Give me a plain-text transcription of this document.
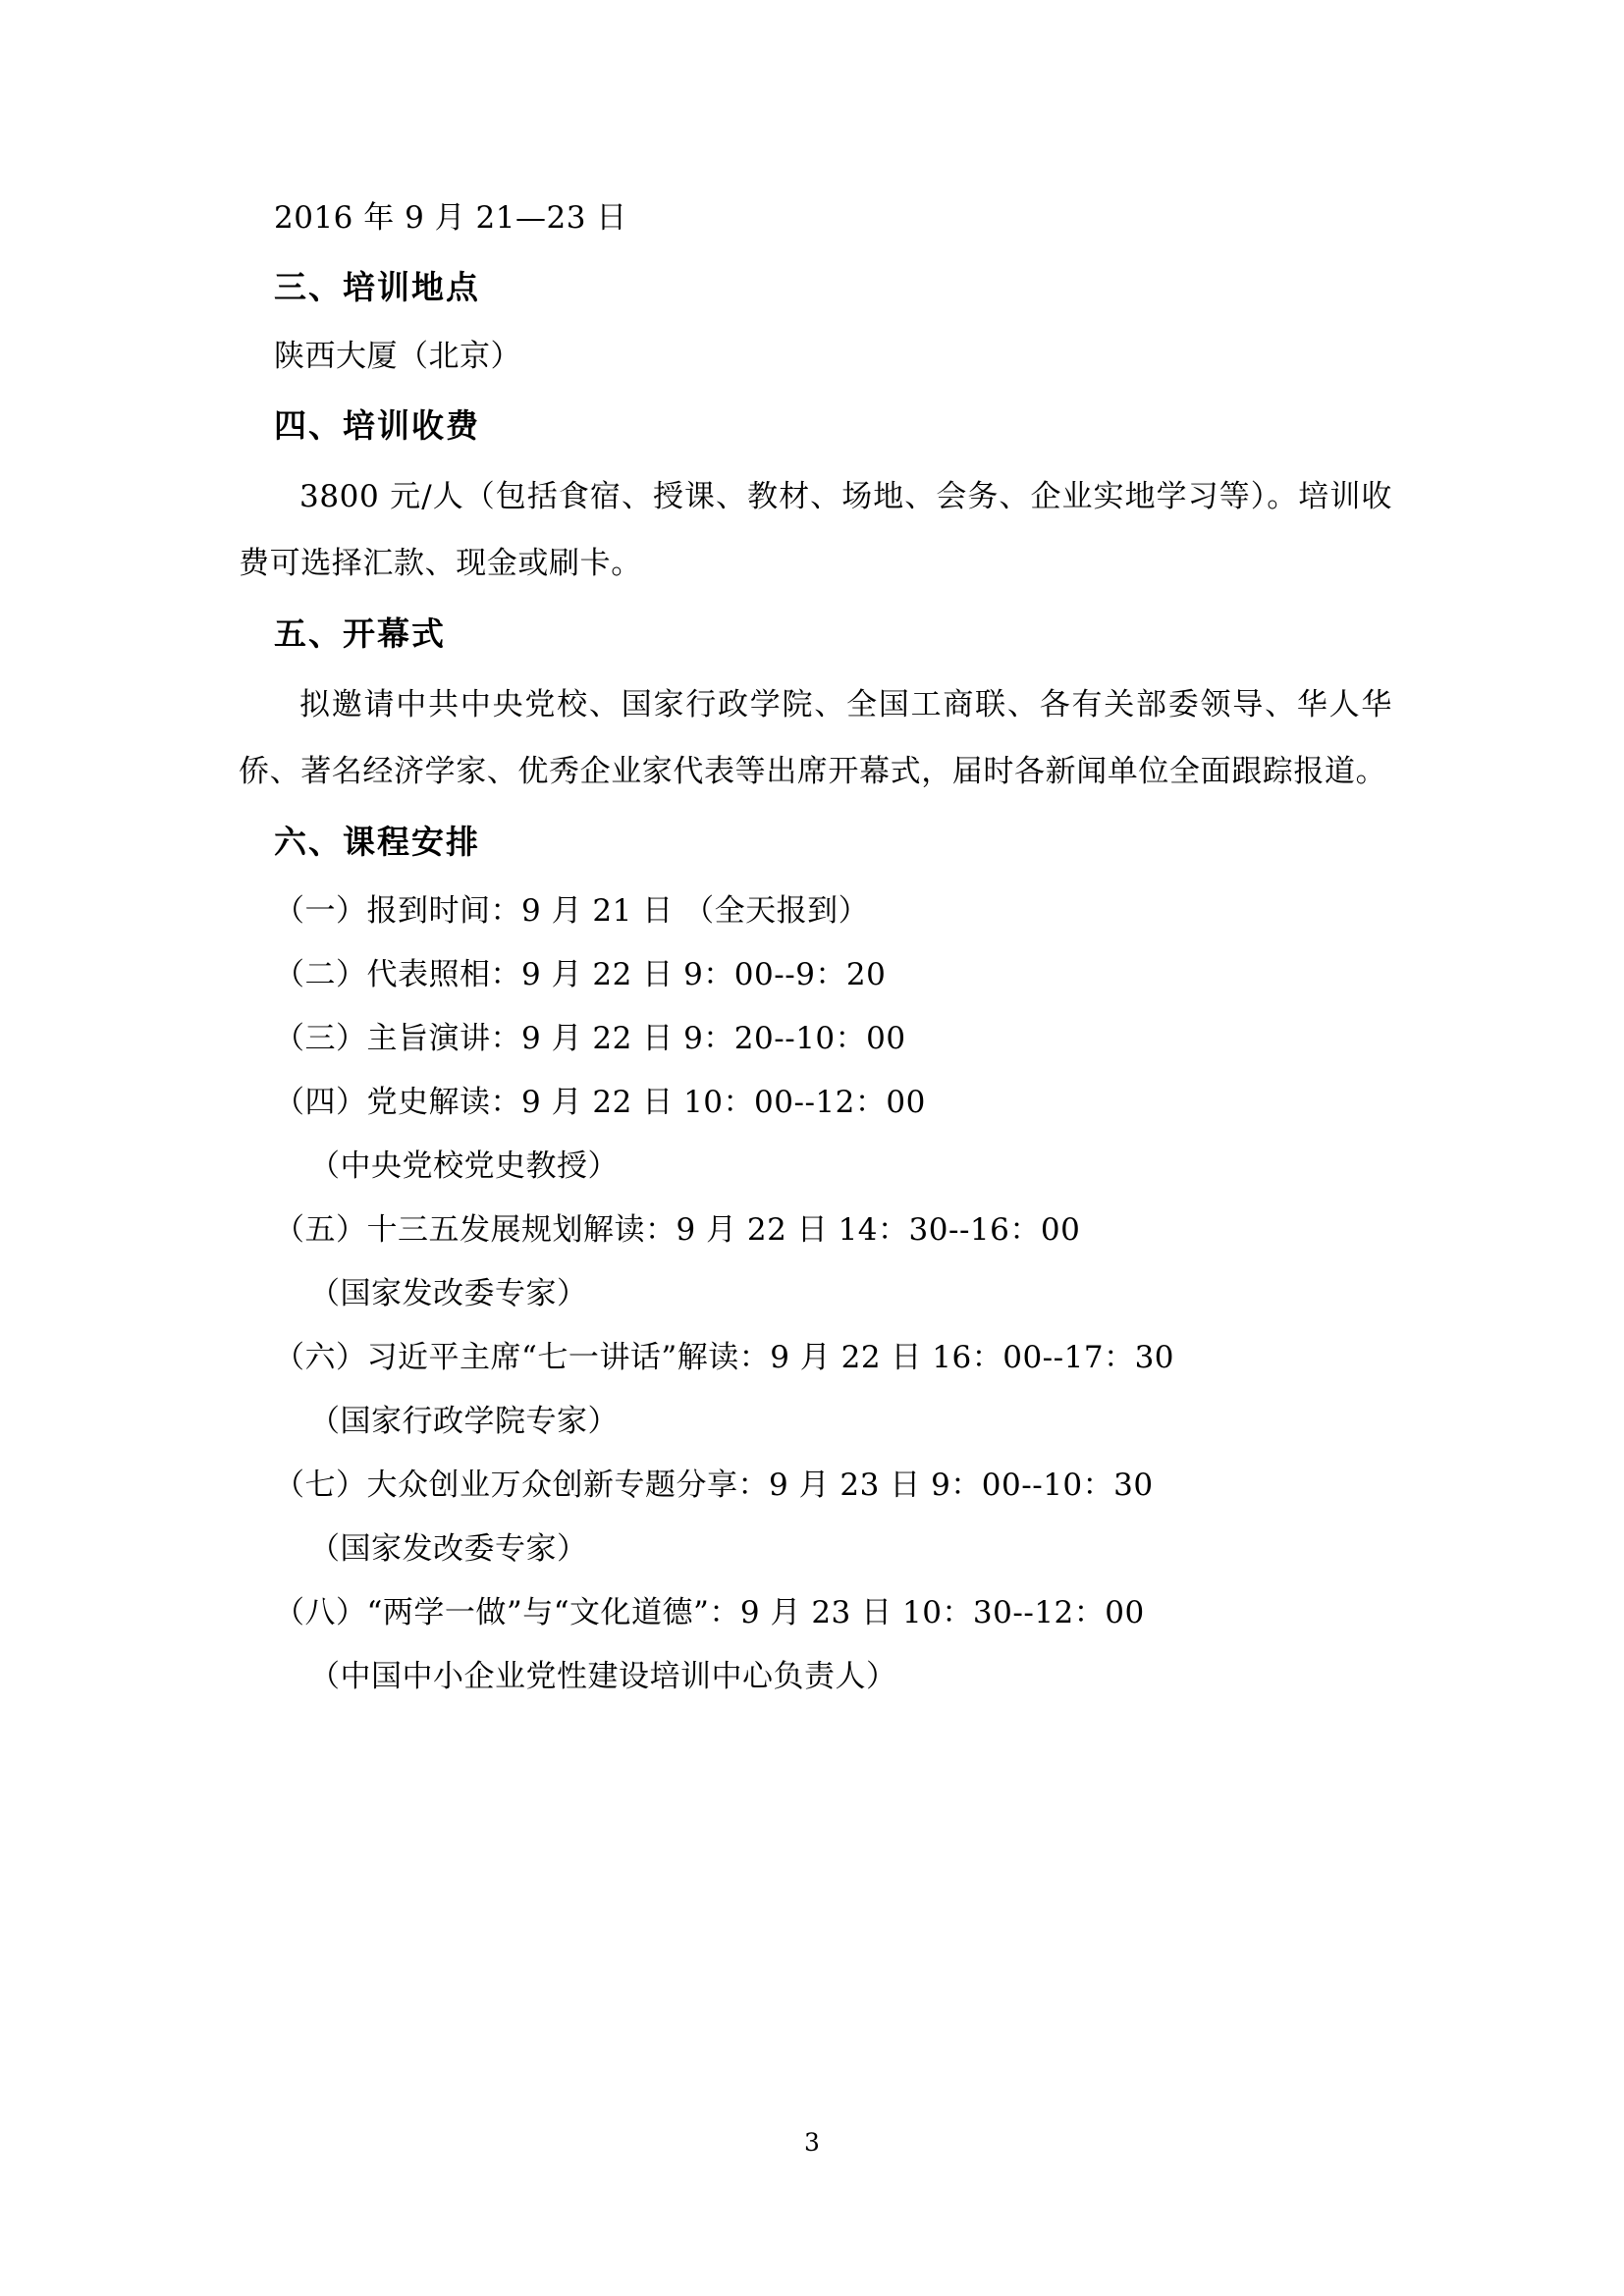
2016 年 9 月 21—23 日
三、培训地点
陕西大厦（北京）
四、培训收费
3800 元/人（包括食宿、授课、教材、场地、会务、企业实地学习等）。培训收费可选择汇款、现金或刷卡。
五、开幕式
拟邀请中共中央党校、国家行政学院、全国工商联、各有关部委领导、华人华侨、著名经济学家、优秀企业家代表等出席开幕式，届时各新闻单位全面跟踪报道。
六、课程安排
（一）报到时间：9 月 21 日 （全天报到）
（二）代表照相：9 月 22 日 9：00--9：20
（三）主旨演讲：9 月 22 日 9：20--10：00
（四）党史解读：9 月 22 日 10：00--12：00
（中央党校党史教授）
（五）十三五发展规划解读：9 月 22 日 14：30--16：00
（国家发改委专家）
（六）习近平主席“七一讲话”解读：9 月 22 日 16：00--17：30
（国家行政学院专家）
（七）大众创业万众创新专题分享：9 月 23 日 9：00--10：30
（国家发改委专家）
（八）“两学一做”与“文化道德”：9 月 23 日 10：30--12：00
（中国中小企业党性建设培训中心负责人）
3
